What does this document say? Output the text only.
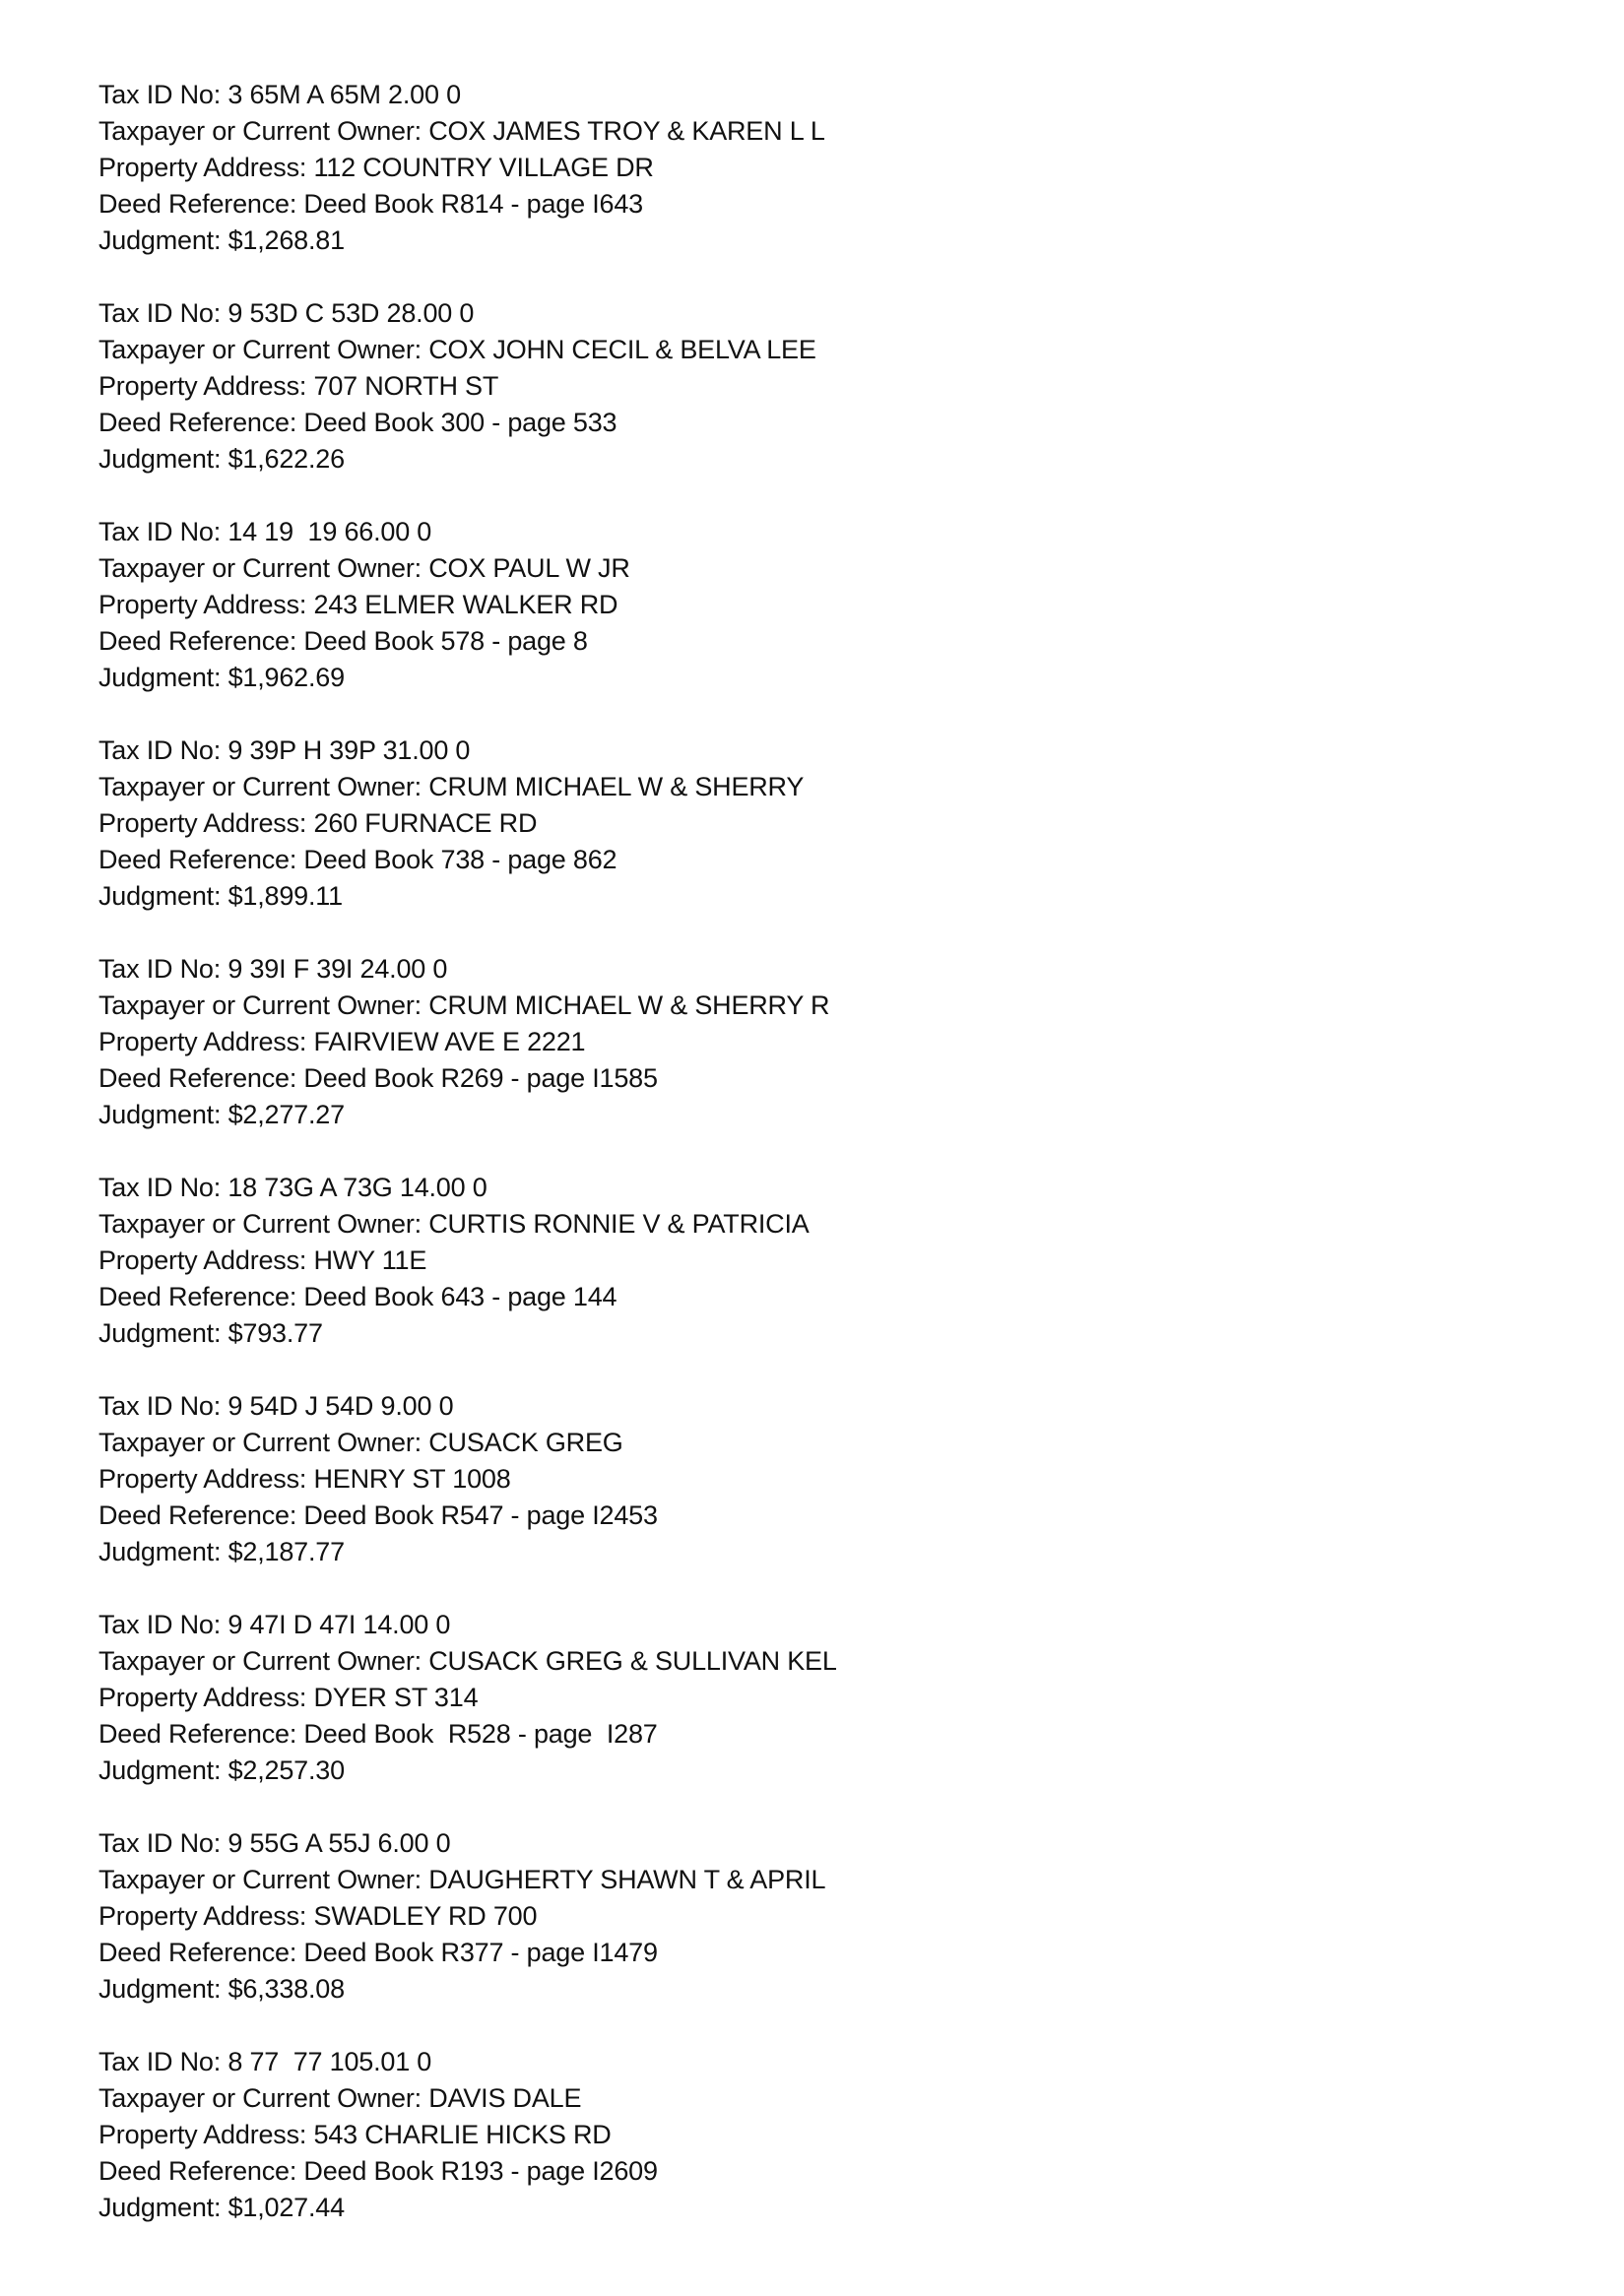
Tax ID No: 3 65M A 65M 2.00 0
Taxpayer or Current Owner: COX JAMES TROY & KAREN L L
Property Address: 112 COUNTRY VILLAGE DR
Deed Reference: Deed Book R814 - page I643
Judgment: $1,268.81
Tax ID No: 9 53D C 53D 28.00 0
Taxpayer or Current Owner: COX JOHN CECIL & BELVA LEE
Property Address: 707 NORTH ST
Deed Reference: Deed Book 300 - page 533
Judgment: $1,622.26
Tax ID No: 14 19  19 66.00 0
Taxpayer or Current Owner: COX PAUL W JR
Property Address: 243 ELMER WALKER RD
Deed Reference: Deed Book 578 - page 8
Judgment: $1,962.69
Tax ID No: 9 39P H 39P 31.00 0
Taxpayer or Current Owner: CRUM MICHAEL W & SHERRY
Property Address: 260 FURNACE RD
Deed Reference: Deed Book 738 - page 862
Judgment: $1,899.11
Tax ID No: 9 39I F 39I 24.00 0
Taxpayer or Current Owner: CRUM MICHAEL W & SHERRY R
Property Address: FAIRVIEW AVE E 2221
Deed Reference: Deed Book R269 - page I1585
Judgment: $2,277.27
Tax ID No: 18 73G A 73G 14.00 0
Taxpayer or Current Owner: CURTIS RONNIE V & PATRICIA
Property Address: HWY 11E
Deed Reference: Deed Book 643 - page 144
Judgment: $793.77
Tax ID No: 9 54D J 54D 9.00 0
Taxpayer or Current Owner: CUSACK GREG
Property Address: HENRY ST 1008
Deed Reference: Deed Book R547 - page I2453
Judgment: $2,187.77
Tax ID No: 9 47I D 47I 14.00 0
Taxpayer or Current Owner: CUSACK GREG & SULLIVAN KEL
Property Address: DYER ST 314
Deed Reference: Deed Book  R528 - page  I287
Judgment: $2,257.30
Tax ID No: 9 55G A 55J 6.00 0
Taxpayer or Current Owner: DAUGHERTY SHAWN T & APRIL
Property Address: SWADLEY RD 700
Deed Reference: Deed Book R377 - page I1479
Judgment: $6,338.08
Tax ID No: 8 77  77 105.01 0
Taxpayer or Current Owner: DAVIS DALE
Property Address: 543 CHARLIE HICKS RD
Deed Reference: Deed Book R193 - page I2609
Judgment: $1,027.44
